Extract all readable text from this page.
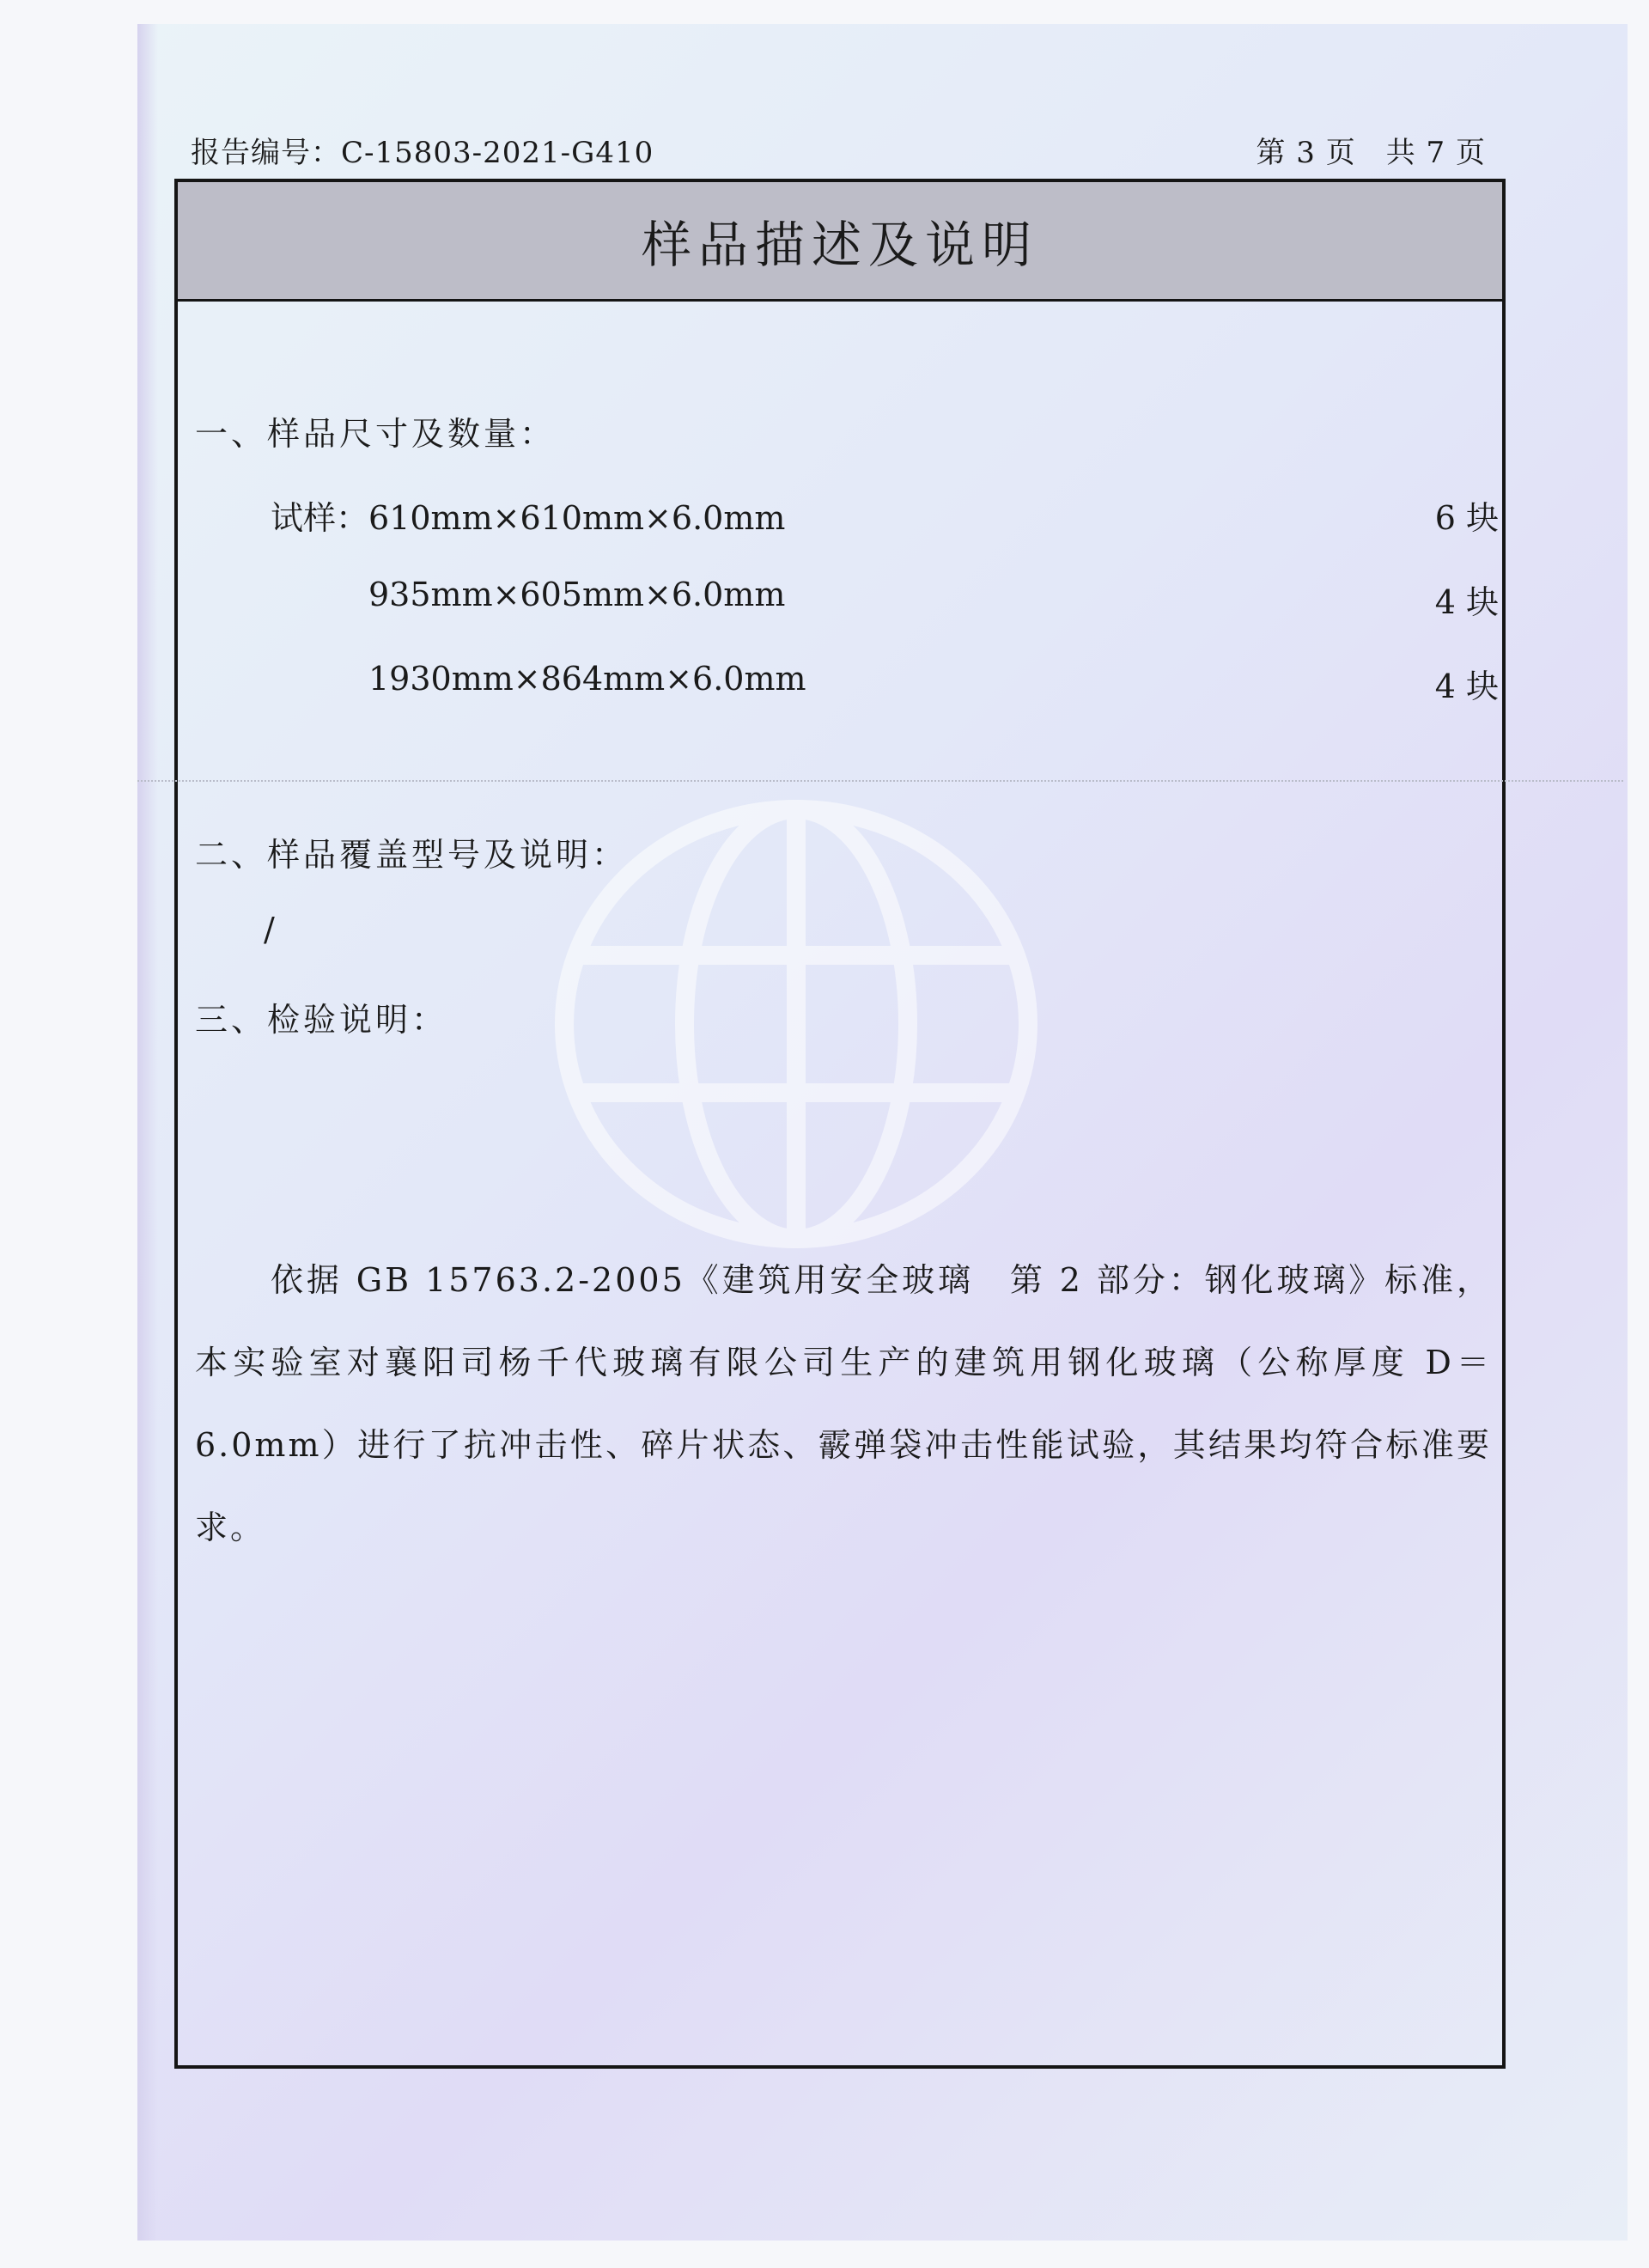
报告编号：C-15803-2021-G410	第 3 页　共 7 页
样品描述及说明
一、样品尺寸及数量：
试样：610mm×610mm×6.0mm	6 块
935mm×605mm×6.0mm	4 块
1930mm×864mm×6.0mm	4 块
二、样品覆盖型号及说明：
/
三、检验说明：
依据 GB 15763.2-2005《建筑用安全玻璃　第 2 部分：钢化玻璃》标准，本实验室对襄阳司杨千代玻璃有限公司生产的建筑用钢化玻璃（公称厚度 D＝6.0mm）进行了抗冲击性、碎片状态、霰弹袋冲击性能试验，其结果均符合标准要求。
